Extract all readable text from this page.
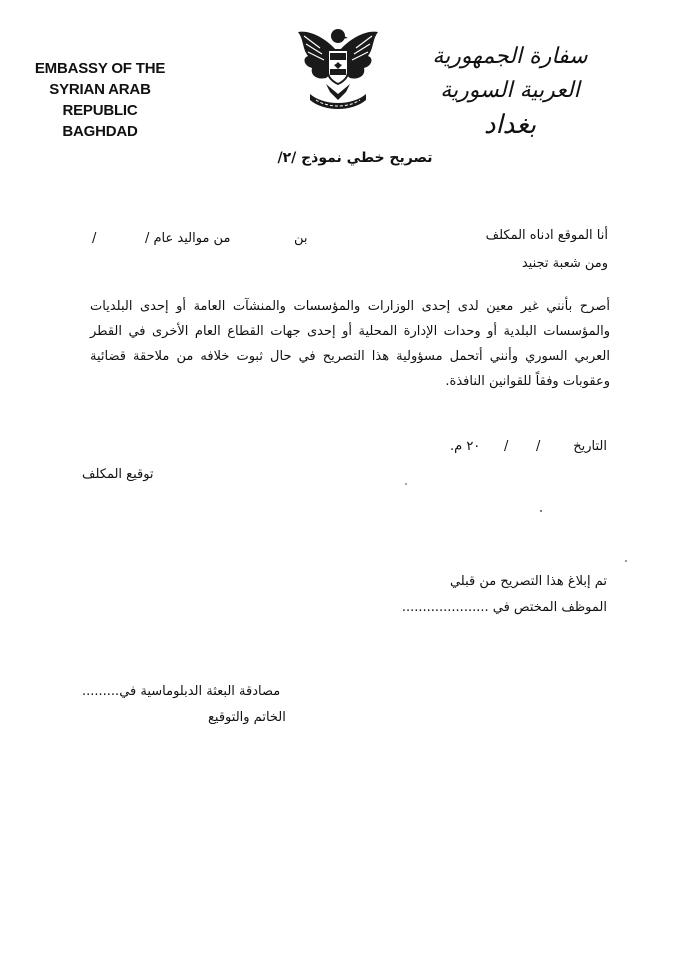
EMBASSY OF THE
SYRIAN ARAB REPUBLIC
BAGHDAD
سفارة الجمهورية العربية السورية
بغداد
تصريح خطي نموذج /٢/
أنا الموقع ادناه المكلف
بن
من مواليد عام /
/
ومن شعبة تجنيد
أصرح بأنني غير معين لدى إحدى الوزارات والمؤسسات والمنشآت العامة أو إحدى البلديات والمؤسسات البلدية أو وحدات الإدارة المحلية أو إحدى جهات القطاع العام الأخرى في القطر العربي السوري وأنني أتحمل مسؤولية هذا التصريح في حال ثبوت خلافه من ملاحقة قضائية وعقوبات وفقاً للقوانين النافذة.
التاريخ
/
/
٢٠ م.
توقيع المكلف
تم إبلاغ هذا التصريح من قبلي
الموظف المختص في .....................
مصادقة البعثة الدبلوماسية في.........
الخاتم والتوقيع
